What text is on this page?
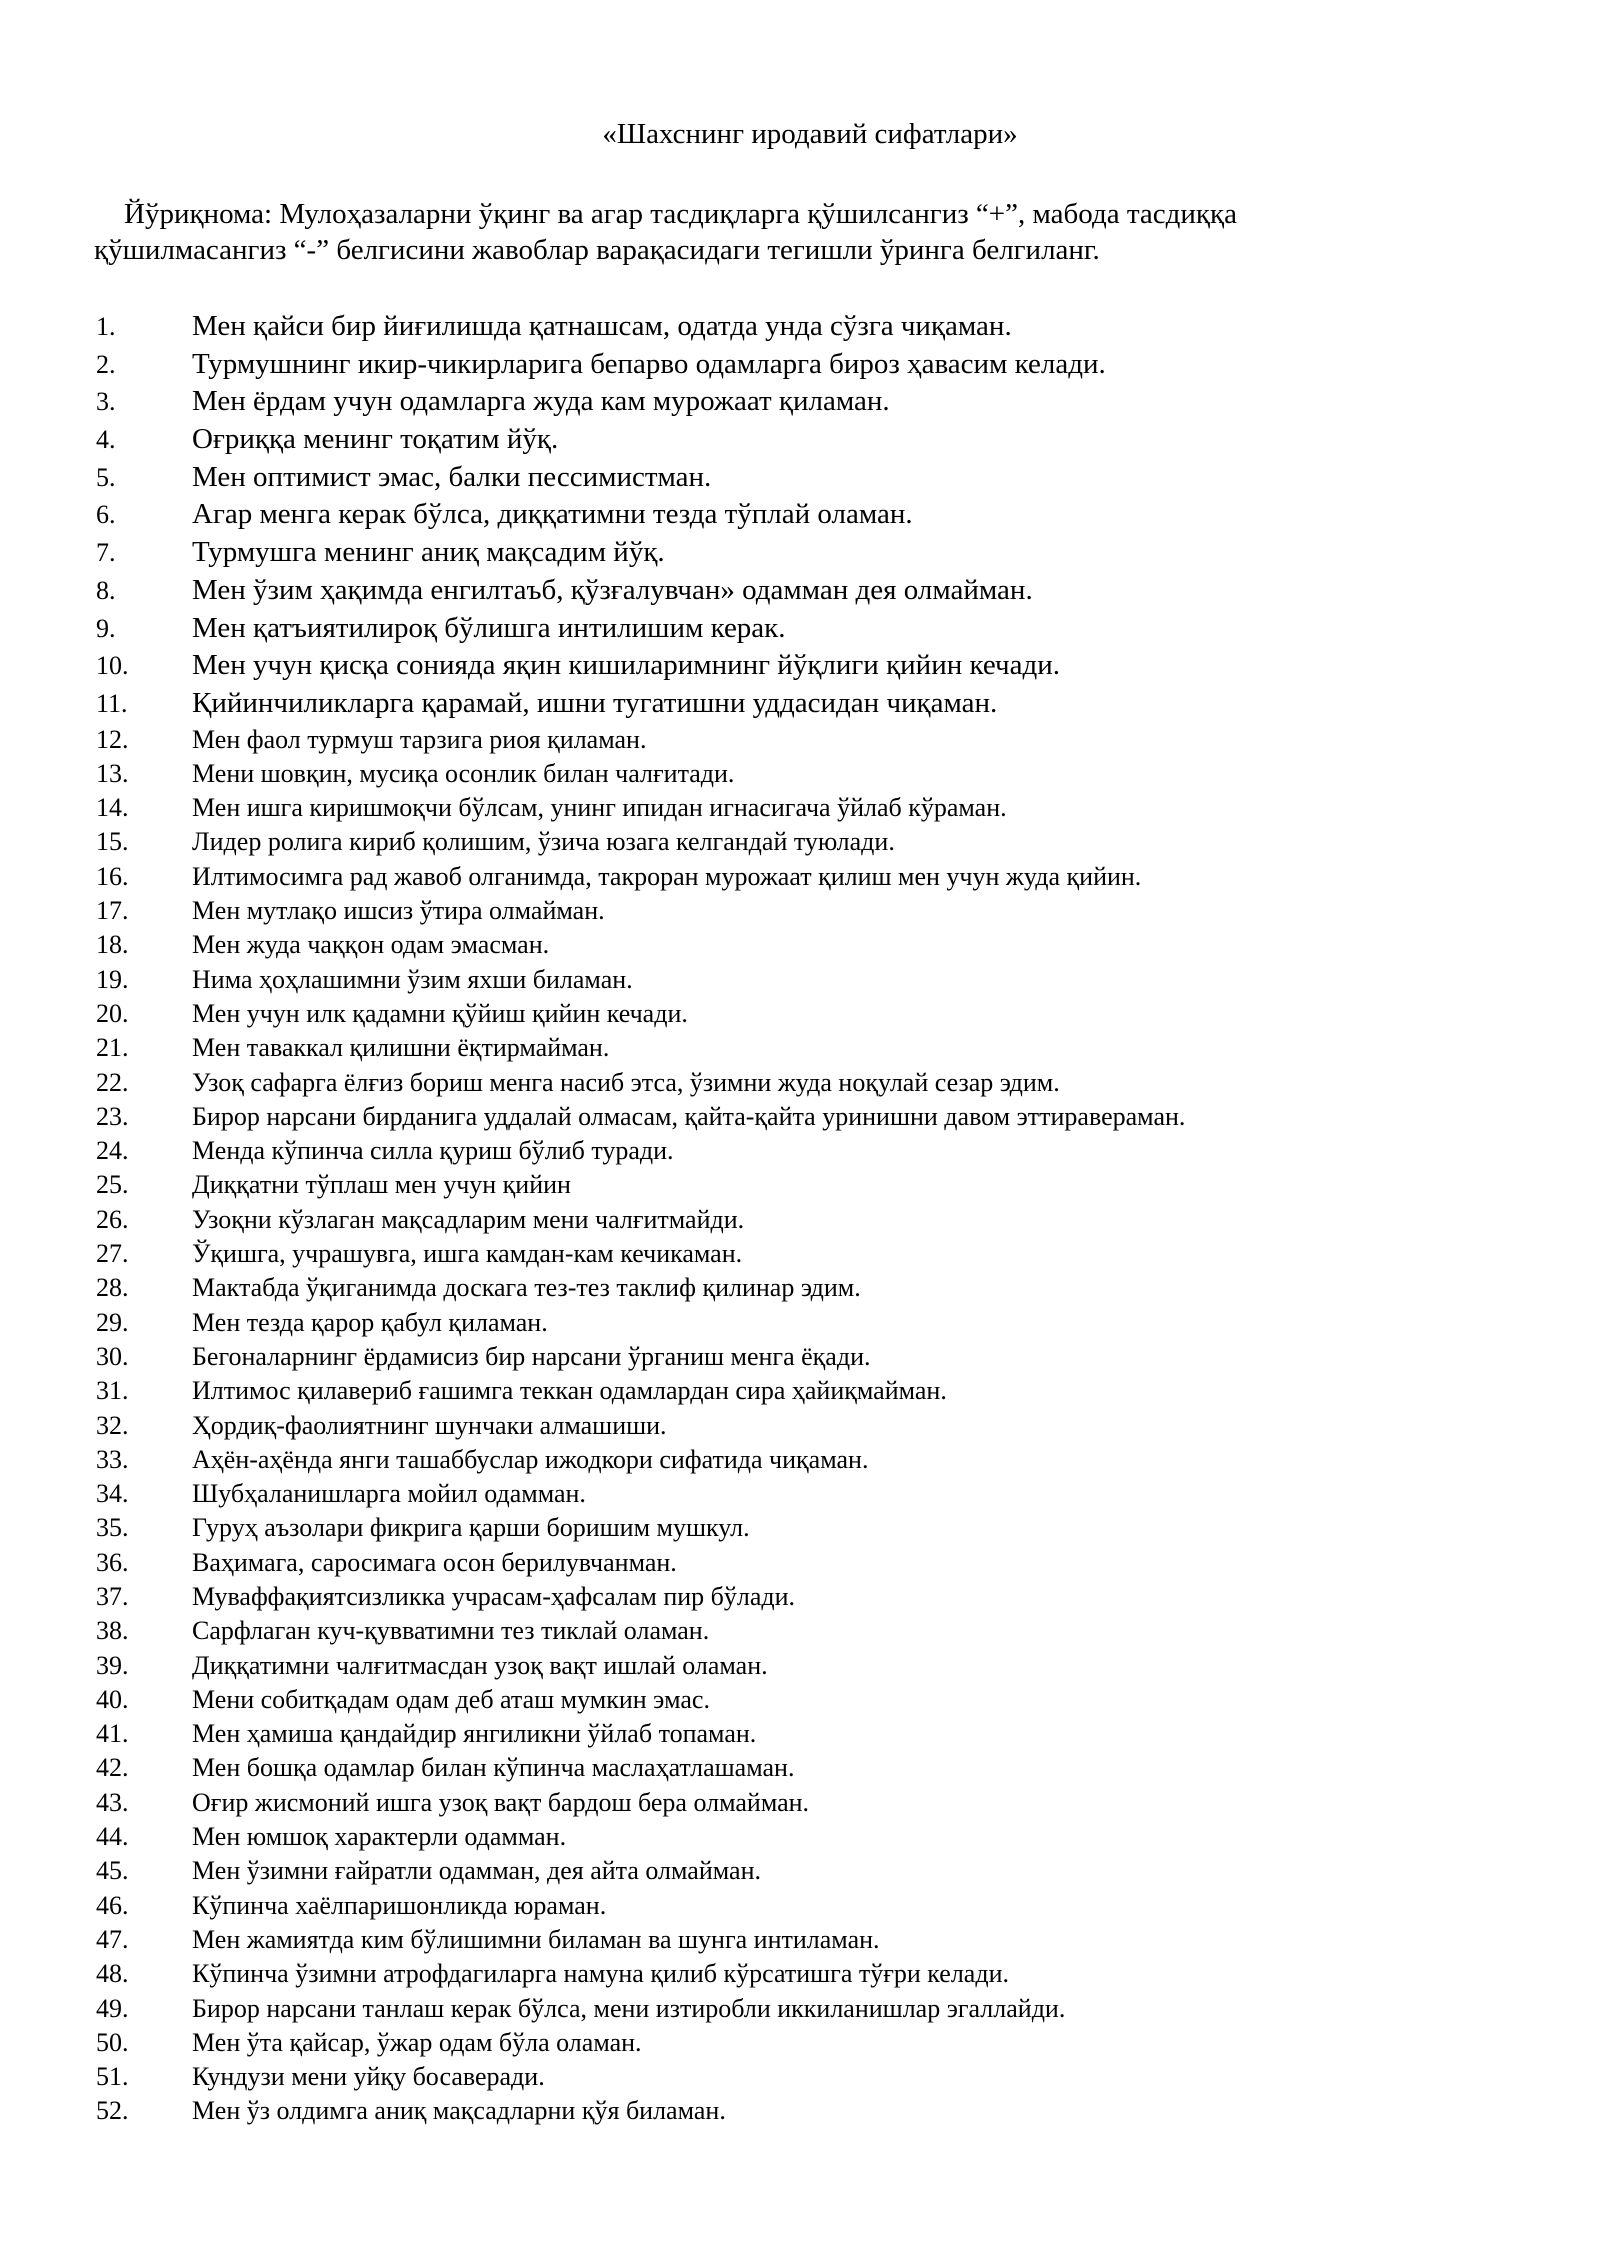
«Шахснинг иродавий сифатлари»
Йўриқнома: Мулоҳазаларни ўқинг ва агар тасдиқларга қўшилсангиз “+”, мабода тасдиққа қўшилмасангиз “-” белгисини жавоблар варақасидаги тегишли ўринга белгиланг.
1.	Мен қайси бир йиғилишда қатнашсам, одатда унда сўзга чиқаман.
2.	Турмушнинг икир-чикирларига бепарво одамларга бироз ҳавасим келади.
3.	Мен ёрдам учун одамларга жуда кам мурожаат қиламан.
4.	Оғриққа менинг тоқатим йўқ.
5.	Мен оптимист эмас, балки пессимистман.
6.	Агар менга керак бўлса, диққатимни тезда тўплай оламан.
7.	Турмушга менинг аниқ мақсадим йўқ.
8.	Мен ўзим ҳақимда енгилтаъб, қўзғалувчан» одамман дея олмайман.
9.	Мен қатъиятилироқ бўлишга интилишим керак.
10.	Мен учун қисқа сонияда яқин кишиларимнинг йўқлиги қийин кечади.
11.	Қийинчиликларга қарамай, ишни тугатишни уддасидан чиқаман.
12.	Мен фаол турмуш тарзига риоя қиламан.
13.	Мени шовқин, мусиқа осонлик билан чалғитади.
14.	Мен ишга киришмоқчи бўлсам, унинг ипидан игнасигача ўйлаб кўраман.
15.	Лидер ролига кириб қолишим, ўзича юзага келгандай туюлади.
16.	Илтимосимга рад жавоб олганимда, такроран мурожаат қилиш мен учун жуда қийин.
17.	Мен мутлақо ишсиз ўтира олмайман.
18.	Мен жуда чаққон одам эмасман.
19.	Нима ҳоҳлашимни ўзим яхши биламан.
20.	Мен учун илк қадамни қўйиш қийин кечади.
21.	Мен таваккал қилишни ёқтирмайман.
22.	Узоқ сафарга ёлғиз бориш менга насиб этса, ўзимни жуда ноқулай сезар эдим.
23.	Бирор нарсани бирданига уддалай олмасам, қайта-қайта уринишни давом эттираверaман.
24.	Менда кўпинча силла қуриш бўлиб туради.
25.	Диққатни тўплаш мен учун қийин
26.	Узоқни кўзлаган мақсадларим мени чалғитмайди.
27.	Ўқишга, учрашувга, ишга камдан-кам кечикаман.
28.	Мактабда ўқиганимда доскага тез-тез таклиф қилинар эдим.
29.	Мен тезда қарор қабул қиламан.
30.	Бегоналарнинг ёрдамисиз бир нарсани ўрганиш менга ёқади.
31.	Илтимос қилавериб ғашимга теккан одамлардан сира ҳайиқмайман.
32.	Ҳордиқ-фаолиятнинг шунчаки алмашиши.
33.	Аҳён-аҳёнда янги ташаббуслар ижодкори сифатида чиқаман.
34.	Шубҳаланишларга мойил одамман.
35.	Гуруҳ аъзолари фикрига қарши боришим мушкул.
36.	Ваҳимага, саросимага осон берилувчанман.
37.	Муваффақиятсизликка учрасам-ҳафсалам пир бўлади.
38.	Сарфлаган куч-қувватимни тез тиклай оламан.
39.	Диққатимни чалғитмасдан узоқ вақт ишлай оламан.
40.	Мени собитқадам одам деб аташ мумкин эмас.
41.	Мен ҳамиша қандайдир янгиликни ўйлаб топаман.
42.	Мен бошқа одамлар билан кўпинча маслаҳатлашаман.
43.	Оғир жисмоний ишга узоқ вақт бардош бера олмайман.
44.	Мен юмшоқ характерли одамман.
45.	Мен ўзимни ғайратли одамман, дея айта олмайман.
46.	Кўпинча хаёлпаришонликда юраман.
47.	Мен жамиятда ким бўлишимни биламан ва шунга интиламан.
48.	Кўпинча ўзимни атрофдагиларга намуна қилиб кўрсатишга тўғри келади.
49.	Бирор нарсани танлаш керак бўлса, мени изтиробли иккиланишлар эгаллайди.
50.	Мен ўта қайсар, ўжар одам бўла оламан.
51.	Кундузи мени уйқу босаверади.
52.	Мен ўз олдимга аниқ мақсадларни қўя биламан.
